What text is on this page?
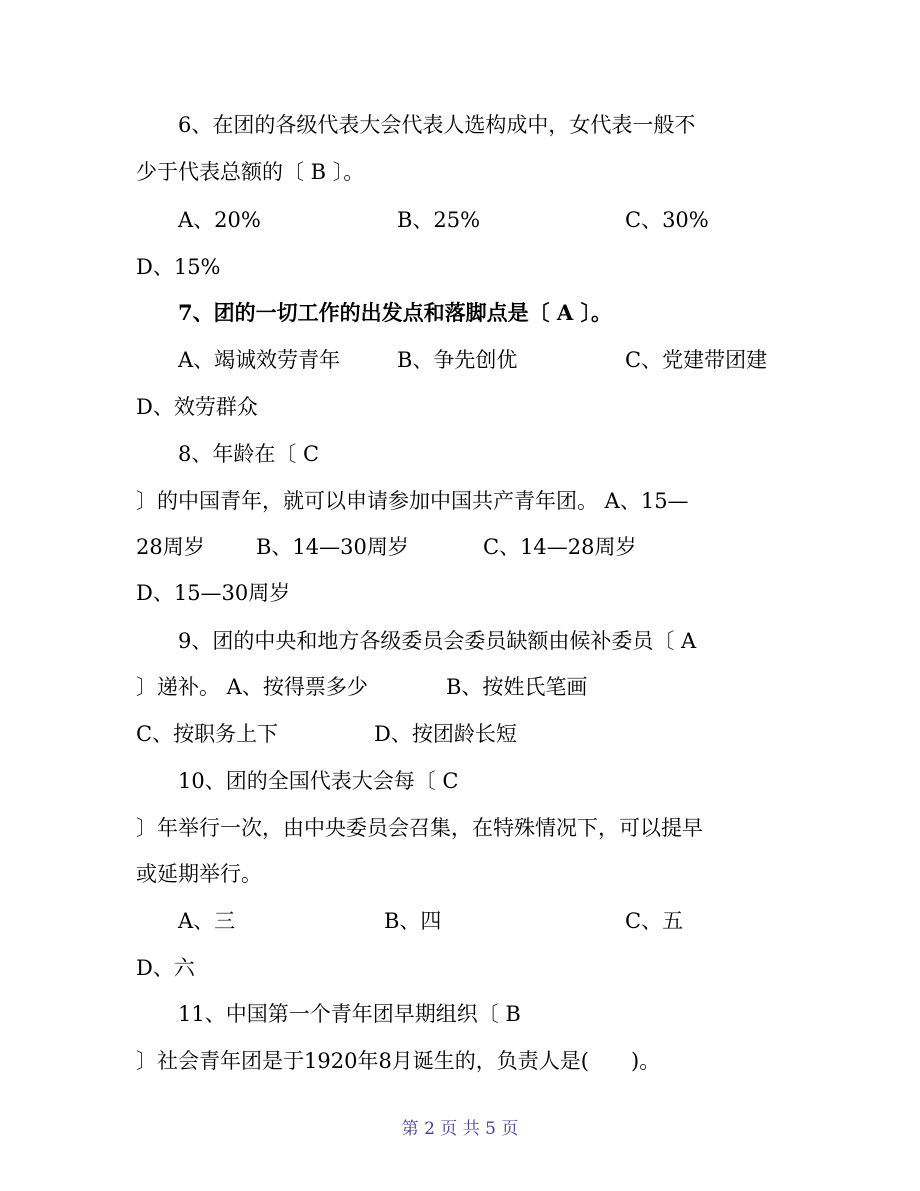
6、在团的各级代表大会代表人选构成中，女代表一般不
少于代表总额的〔 B 〕。
A、20%	B、25%	C、30%
D、15%
7、团的一切工作的出发点和落脚点是〔 A 〕。
A、竭诚效劳青年	B、争先创优	C、党建带团建
D、效劳群众
8、年龄在〔 C
〕的中国青年，就可以申请参加中国共产青年团。 A、15—
28周岁 B、14—30周岁	C、14—28周岁
D、15—30周岁
9、团的中央和地方各级委员会委员缺额由候补委员〔 A
〕递补。 A、按得票多少	B、按姓氏笔画
C、按职务上下	D、按团龄长短
10、团的全国代表大会每〔 C
〕年举行一次，由中央委员会召集，在特殊情况下，可以提早
或延期举行。
A、三	B、四	C、五
D、六
11、中国第一个青年团早期组织〔 B
〕社会青年团是于1920年8月诞生的，负责人是(　　)。
第 2 页 共 5 页
